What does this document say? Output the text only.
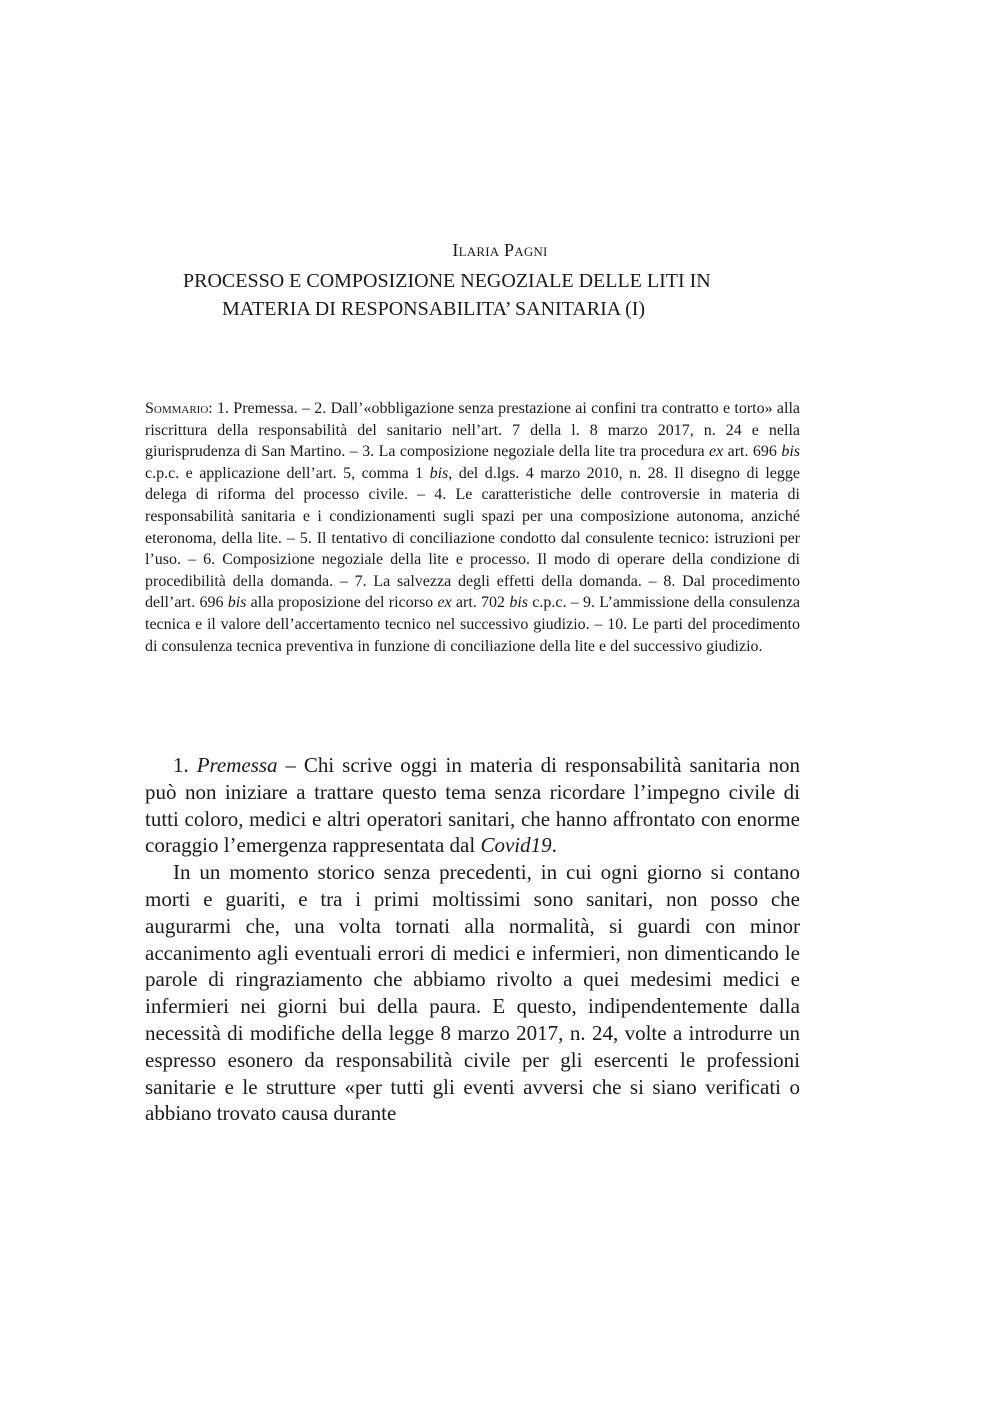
Ilaria Pagni
PROCESSO E COMPOSIZIONE NEGOZIALE DELLE LITI IN
MATERIA DI RESPONSABILITA’ SANITARIA (I)
Sommario: 1. Premessa. – 2. Dall’«obbligazione senza prestazione ai confini tra contratto e torto» alla riscrittura della responsabilità del sanitario nell’art. 7 della l. 8 marzo 2017, n. 24 e nella giurisprudenza di San Martino. – 3. La composizione negoziale della lite tra procedura ex art. 696 bis c.p.c. e applicazione dell’art. 5, comma 1 bis, del d.lgs. 4 marzo 2010, n. 28. Il disegno di legge delega di riforma del processo civile. – 4. Le caratteristiche delle controversie in materia di responsabilità sanitaria e i condizionamenti sugli spazi per una composizione autonoma, anziché eteronoma, della lite. – 5. Il tentativo di conciliazione condotto dal consulente tecnico: istruzioni per l’uso. – 6. Composizione negoziale della lite e processo. Il modo di operare della condizione di procedibilità della domanda. – 7. La salvezza degli effetti della domanda. – 8. Dal procedimento dell’art. 696 bis alla proposizione del ricorso ex art. 702 bis c.p.c. – 9. L’ammissione della consulenza tecnica e il valore dell’accertamento tecnico nel successivo giudizio. – 10. Le parti del procedimento di consulenza tecnica preventiva in funzione di conciliazione della lite e del successivo giudizio.

1. Premessa – Chi scrive oggi in materia di responsabilità sanitaria non può non iniziare a trattare questo tema senza ricordare l’impegno civile di tutti coloro, medici e altri operatori sanitari, che hanno affrontato con enorme coraggio l’emergenza rappresentata dal Covid19.

In un momento storico senza precedenti, in cui ogni giorno si contano morti e guariti, e tra i primi moltissimi sono sanitari, non posso che augurarmi che, una volta tornati alla normalità, si guardi con minor accanimento agli eventuali errori di medici e infermieri, non dimenticando le parole di ringraziamento che abbiamo rivolto a quei medesimi medici e infermieri nei giorni bui della paura. E questo, indipendentemente dalla necessità di modifiche della legge 8 marzo 2017, n. 24, volte a introdurre un espresso esonero da responsabilità civile per gli esercenti le professioni sanitarie e le strutture «per tutti gli eventi avversi che si siano verificati o abbiano trovato causa durante
